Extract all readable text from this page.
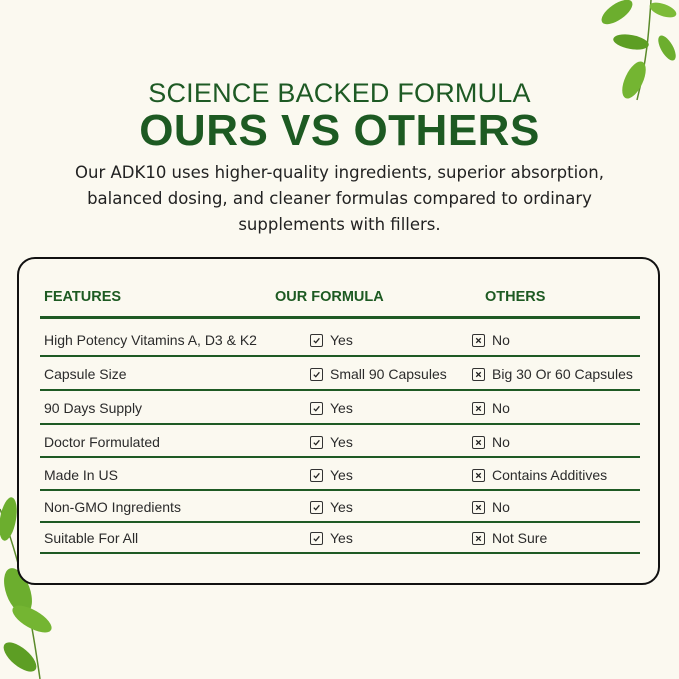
SCIENCE BACKED FORMULA
OURS VS OTHERS
Our ADK10 uses higher-quality ingredients, superior absorption,
balanced dosing, and cleaner formulas compared to ordinary
supplements with fillers.
FEATURES	OUR FORMULA	OTHERS
High Potency Vitamins A, D3 & K2	Yes	No
Capsule Size	Small 90 Capsules	Big 30 Or 60 Capsules
90 Days Supply	Yes	No
Doctor Formulated	Yes	No
Made In US	Yes	Contains Additives
Non-GMO Ingredients	Yes	No
Suitable For All	Yes	Not Sure
